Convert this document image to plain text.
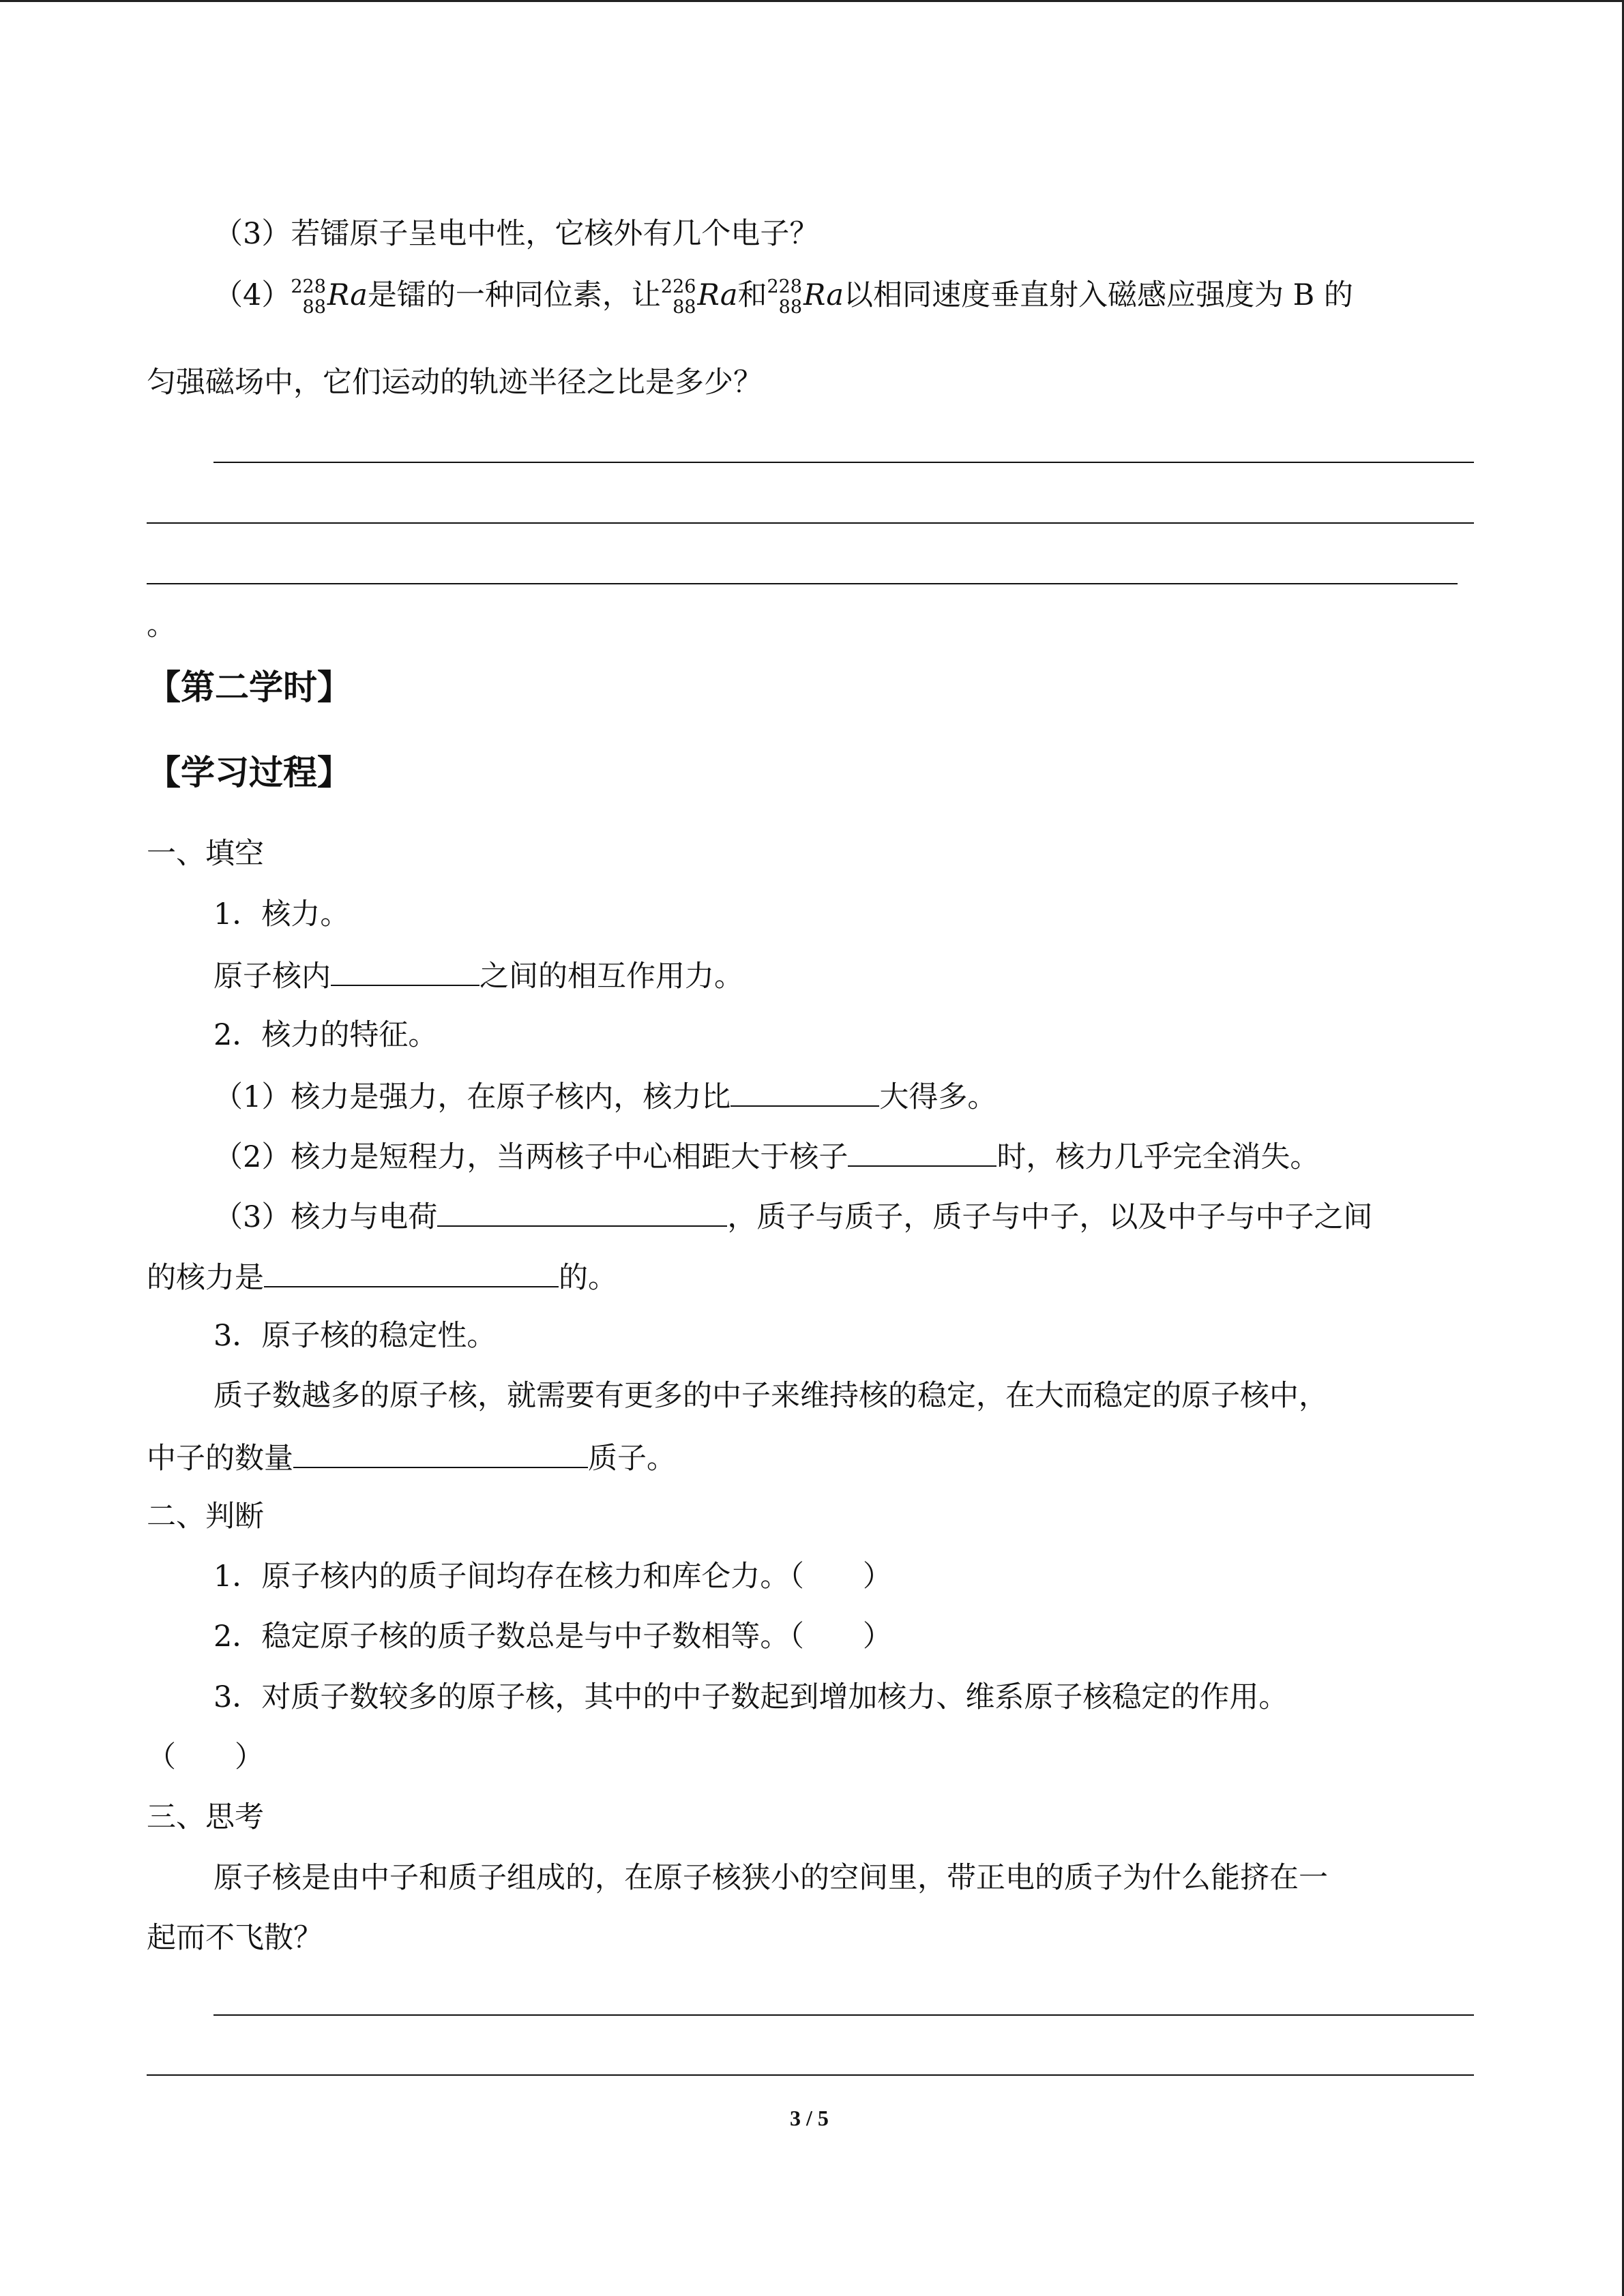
（3）若镭原子呈电中性，它核外有几个电子？
（4） 228
88 Ra是镭的一种同位素，让 226
88 Ra和 228
88 Ra以相同速度垂直射入磁感应强度为 B 的
匀强磁场中，它们运动的轨迹半径之比是多少？
。
【第二学时】
【学习过程】
一、填空
1．核力。
原子核内	之间的相互作用力。
2．核力的特征。
（1）核力是强力，在原子核内，核力比	大得多。
（2）核力是短程力，当两核子中心相距大于核子	时，核力几乎完全消失。
（3）核力与电荷	，质子与质子，质子与中子，以及中子与中子之间
的核力是	的。
3．原子核的稳定性。
质子数越多的原子核，就需要有更多的中子来维持核的稳定，在大而稳定的原子核中，
中子的数量	质子。
二、判断
1．原子核内的质子间均存在核力和库仑力。（　　）
2．稳定原子核的质子数总是与中子数相等。（　　）
3．对质子数较多的原子核，其中的中子数起到增加核力、维系原子核稳定的作用。
（　　）
三、思考
原子核是由中子和质子组成的，在原子核狭小的空间里，带正电的质子为什么能挤在一
起而不飞散？
3 / 5
